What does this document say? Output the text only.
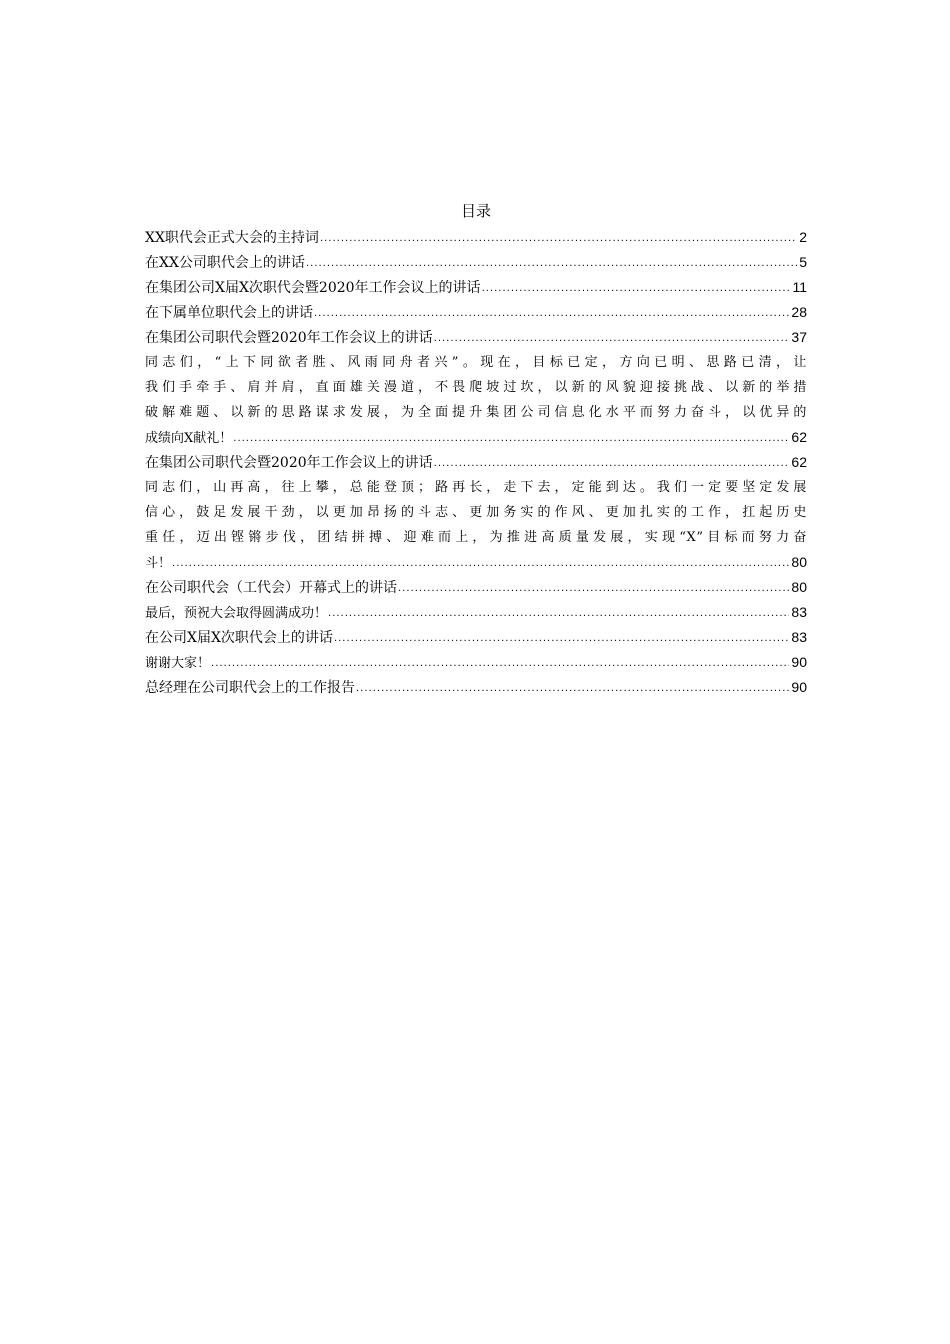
目录
XX职代会正式大会的主持词 .....	2
在XX公司职代会上的讲话 .....	5
在集团公司X届X次职代会暨2020年工作会议上的讲话 .....	11
在下属单位职代会上的讲话 .....	28
在集团公司职代会暨2020年工作会议上的讲话 .....	37
同志们，“上下同欲者胜、风雨同舟者兴”。现在，目标已定，方向已明、思路已清，让
我们手牵手、肩并肩，直面雄关漫道，不畏爬坡过坎，以新的风貌迎接挑战、以新的举措
破解难题、以新的思路谋求发展，为全面提升集团公司信息化水平而努力奋斗，以优异的
成绩向X献礼！ .....	62
在集团公司职代会暨2020年工作会议上的讲话 .....	62
同志们，山再高，往上攀，总能登顶；路再长，走下去，定能到达。我们一定要坚定发展
信心，鼓足发展干劲，以更加昂扬的斗志、更加务实的作风、更加扎实的工作，扛起历史
重任，迈出铿锵步伐，团结拼搏、迎难而上，为推进高质量发展，实现“X”目标而努力奋
斗！ .....	80
在公司职代会（工代会）开幕式上的讲话 .....	80
最后，预祝大会取得圆满成功！ .....	83
在公司X届X次职代会上的讲话 .....	83
谢谢大家！ .....	90
总经理在公司职代会上的工作报告 .....	90
